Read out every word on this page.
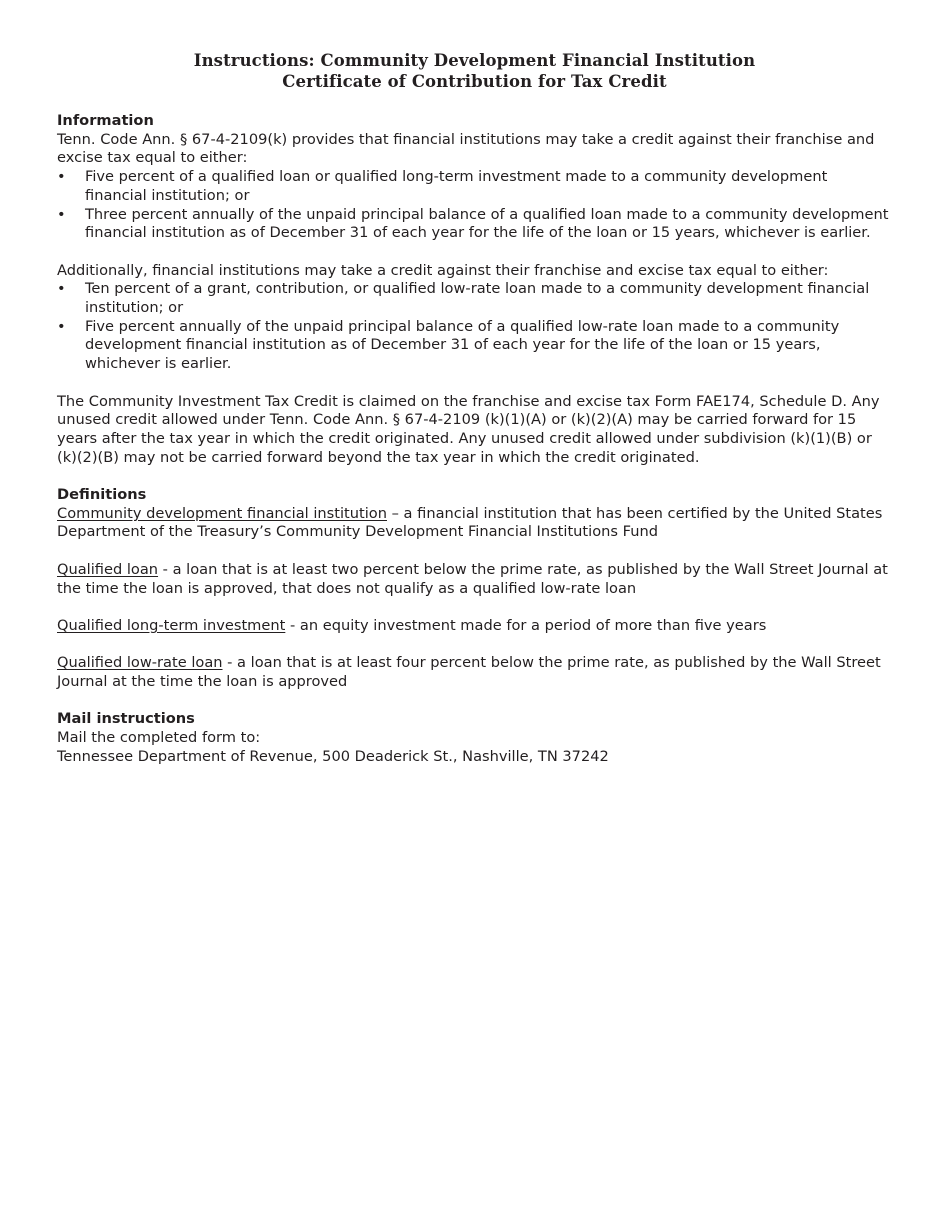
Instructions: Community Development Financial Institution
Certificate of Contribution for Tax Credit

Information

Tenn. Code Ann. § 67-4-2109(k) provides that financial institutions may take a credit against their franchise and excise tax equal to either:

• Five percent of a qualified loan or qualified long-term investment made to a community development financial institution; or
• Three percent annually of the unpaid principal balance of a qualified loan made to a community development financial institution as of December 31 of each year for the life of the loan or 15 years, whichever is earlier.

Additionally, financial institutions may take a credit against their franchise and excise tax equal to either:

• Ten percent of a grant, contribution, or qualified low-rate loan made to a community development financial institution; or
• Five percent annually of the unpaid principal balance of a qualified low-rate loan made to a community development financial institution as of December 31 of each year for the life of the loan or 15 years, whichever is earlier.

The Community Investment Tax Credit is claimed on the franchise and excise tax Form FAE174, Schedule D. Any unused credit allowed under Tenn. Code Ann. § 67-4-2109 (k)(1)(A) or (k)(2)(A) may be carried forward for 15 years after the tax year in which the credit originated. Any unused credit allowed under subdivision (k)(1)(B) or (k)(2)(B) may not be carried forward beyond the tax year in which the credit originated.

Definitions

Community development financial institution – a financial institution that has been certified by the United States Department of the Treasury’s Community Development Financial Institutions Fund

Qualified loan - a loan that is at least two percent below the prime rate, as published by the Wall Street Journal at the time the loan is approved, that does not qualify as a qualified low-rate loan

Qualified long-term investment - an equity investment made for a period of more than five years

Qualified low-rate loan - a loan that is at least four percent below the prime rate, as published by the Wall Street Journal at the time the loan is approved

Mail instructions

Mail the completed form to:

Tennessee Department of Revenue, 500 Deaderick St., Nashville, TN 37242
